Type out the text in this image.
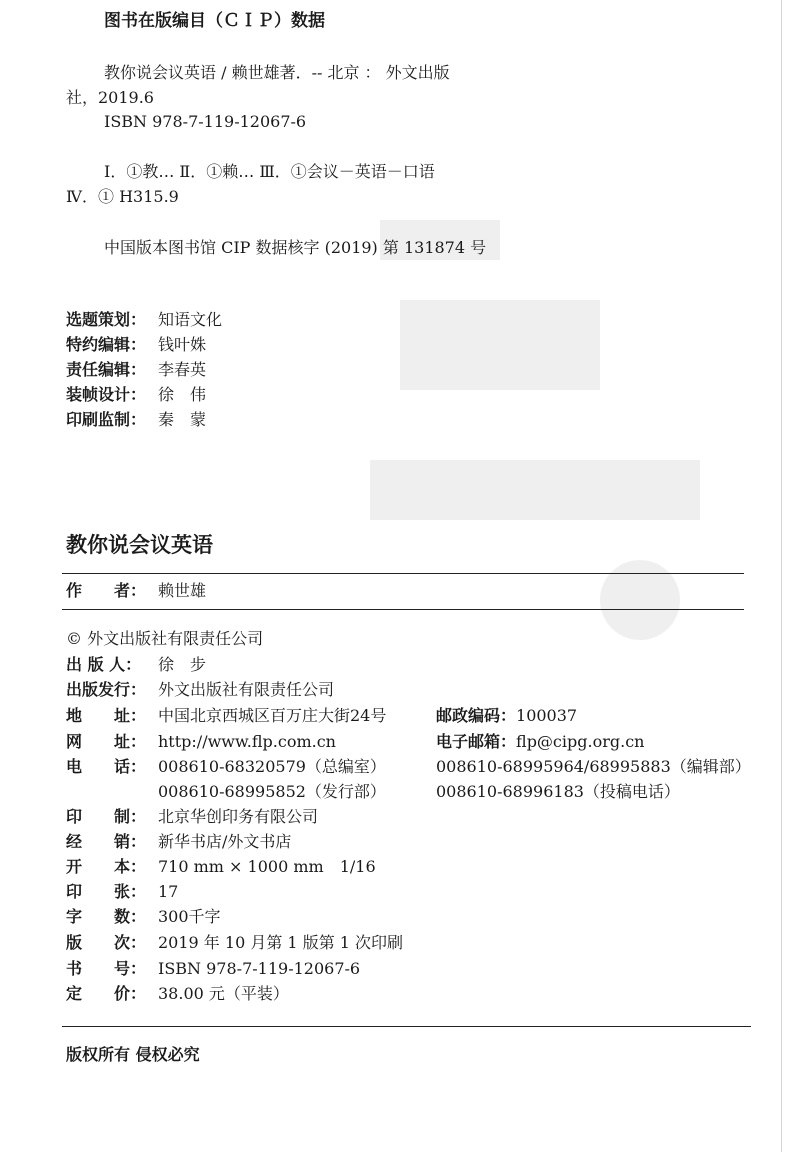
图书在版编目（ＣＩＰ）数据
教你说会议英语 / 赖世雄著．-- 北京 ： 外文出版
社，2019.6
ISBN 978-7-119-12067-6
Ⅰ．①教… Ⅱ．①赖… Ⅲ．①会议－英语－口语
Ⅳ．① H315.9
中国版本图书馆 CIP 数据核字 (2019) 第 131874 号
选题策划： 知语文化
特约编辑： 钱叶姝
责任编辑： 李春英
装帧设计： 徐　伟
印刷监制： 秦　蒙
教你说会议英语
作　　者： 赖世雄
© 外文出版社有限责任公司
出 版 人： 徐　步
出版发行： 外文出版社有限责任公司
地　　址： 中国北京西城区百万庄大街24号
网　　址： http://www.flp.com.cn
电　　话： 008610-68320579（总编室）
008610-68995852（发行部）
印　　制： 北京华创印务有限公司
经　　销： 新华书店/外文书店
开　　本： 710 mm × 1000 mm　1/16
印　　张： 17
字　　数： 300千字
版　　次： 2019 年 10 月第 1 版第 1 次印刷
书　　号： ISBN 978-7-119-12067-6
定　　价： 38.00 元（平装）
邮政编码：100037
电子邮箱：flp@cipg.org.cn
008610-68995964/68995883（编辑部）
008610-68996183（投稿电话）
版权所有 侵权必究
